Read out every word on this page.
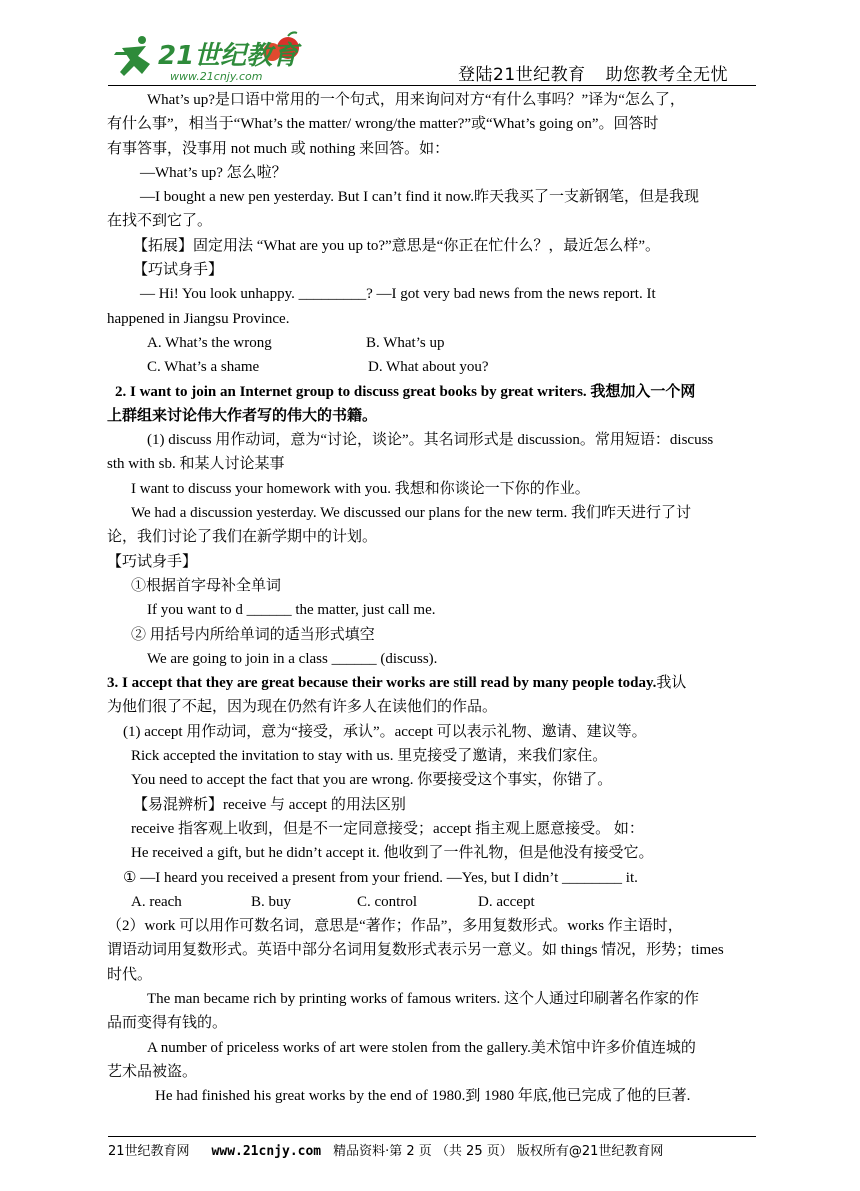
21世纪教育
www.21cnjy.com	登陆21世纪教育 助您教考全无忧
What’s up?是口语中常用的一个句式，用来询问对方“有什么事吗？”译为“怎么了，
有什么事”，相当于“What’s the matter/ wrong/the matter?”或“What’s going on”。回答时
有事答事，没事用 not much 或 nothing 来回答。如：
—What’s up? 怎么啦？
—I bought a new pen yesterday. But I can’t find it now.昨天我买了一支新钢笔，但是我现
在找不到它了。
【拓展】固定用法 “What are you up to?”意思是“你正在忙什么？，最近怎么样”。
【巧试身手】
— Hi! You look unhappy. _________? —I got very bad news from the news report. It
happened in Jiangsu Province.
A. What’s the wrong	B. What’s up
C. What’s a shame	D. What about you?
2. I want to join an Internet group to discuss great books by great writers. 我想加入一个网
上群组来讨论伟大作者写的伟大的书籍。
(1) discuss 用作动词，意为“讨论，谈论”。其名词形式是 discussion。常用短语：discuss
sth with sb. 和某人讨论某事
I want to discuss your homework with you. 我想和你谈论一下你的作业。
We had a discussion yesterday. We discussed our plans for the new term. 我们昨天进行了讨
论，我们讨论了我们在新学期中的计划。
【巧试身手】
①根据首字母补全单词
If you want to d ______ the matter, just call me.
② 用括号内所给单词的适当形式填空
We are going to join in a class ______ (discuss).
3. I accept that they are great because their works are still read by many people today.我认
为他们很了不起，因为现在仍然有许多人在读他们的作品。
(1) accept 用作动词，意为“接受，承认”。accept 可以表示礼物、邀请、建议等。
Rick accepted the invitation to stay with us. 里克接受了邀请，来我们家住。
You need to accept the fact that you are wrong. 你要接受这个事实，你错了。
【易混辨析】receive 与 accept 的用法区别
receive 指客观上收到，但是不一定同意接受；accept 指主观上愿意接受。 如：
He received a gift, but he didn’t accept it. 他收到了一件礼物，但是他没有接受它。
① —I heard you received a present from your friend. —Yes, but I didn’t ________ it.
A. reach	B. buy	C. control	D. accept
（2）work 可以用作可数名词，意思是“著作；作品”，多用复数形式。works 作主语时，
谓语动词用复数形式。英语中部分名词用复数形式表示另一意义。如 things 情况，形势；times
时代。
The man became rich by printing works of famous writers. 这个人通过印刷著名作家的作
品而变得有钱的。
A number of priceless works of art were stolen from the gallery.美术馆中许多价值连城的
艺术品被盗。
He had finished his great works by the end of 1980.到 1980 年底,他已完成了他的巨著.
21世纪教育网 www.21cnjy.com 精品资料·第 2 页 （共 25 页） 版权所有@21世纪教育网
